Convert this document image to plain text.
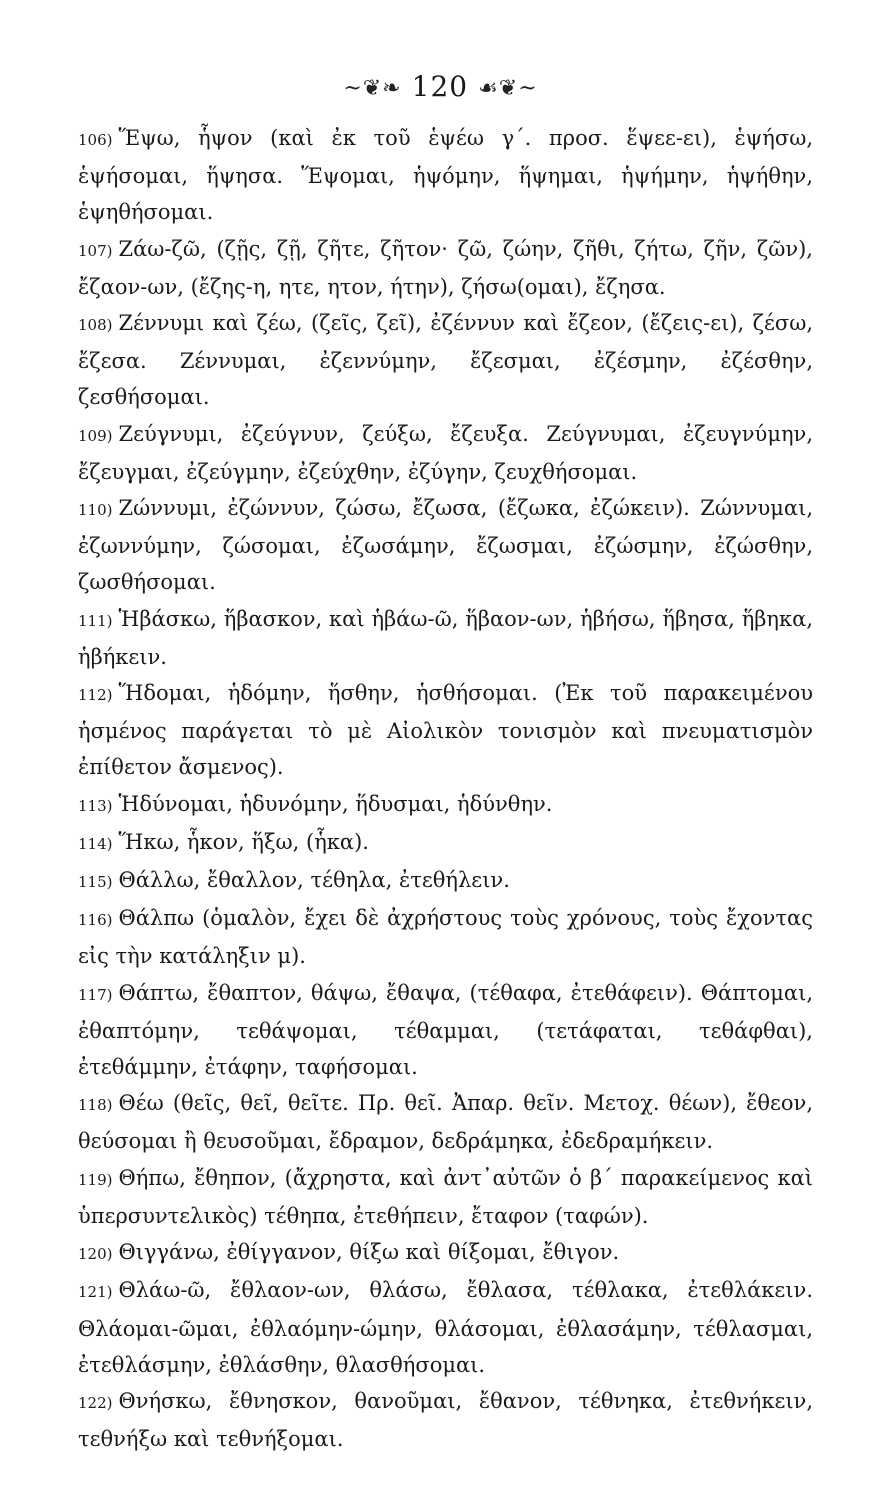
~❦❧ 120 ☙❦~

106) Ἕψω, ἧψον (καὶ ἐκ τοῦ ἑψέω γ΄. προσ. ἕψεε-ει), ἑψήσω, ἑψήσομαι, ἥψησα. Ἕψομαι, ἡψόμην, ἥψημαι, ἡψήμην, ἡψήθην, ἑψηθήσομαι.

107) Ζάω-ζῶ, (ζῇς, ζῇ, ζῆτε, ζῆτον· ζῶ, ζώην, ζῆθι, ζήτω, ζῆν, ζῶν), ἔζαον-ων, (ἔζης-η, ητε, ητον, ήτην), ζήσω(ομαι), ἔζησα.

108) Ζέννυμι καὶ ζέω, (ζεῖς, ζεῖ), ἐζέννυν καὶ ἔζεον, (ἔζεις-ει), ζέσω, ἔζεσα. Ζέννυμαι, ἐζεννύμην, ἔζεσμαι, ἐζέσμην, ἐζέσθην, ζεσθήσομαι.

109) Ζεύγνυμι, ἐζεύγνυν, ζεύξω, ἔζευξα. Ζεύγνυμαι, ἐζευγνύμην, ἔζευγμαι, ἐζεύγμην, ἐζεύχθην, ἐζύγην, ζευχθήσομαι.

110) Ζώννυμι, ἐζώννυν, ζώσω, ἔζωσα, (ἔζωκα, ἐζώκειν). Ζώννυμαι, ἐζωννύμην, ζώσομαι, ἐζωσάμην, ἔζωσμαι, ἐζώσμην, ἐζώσθην, ζωσθήσομαι.

111) Ἡβάσκω, ἥβασκον, καὶ ἡβάω-ῶ, ἥβαον-ων, ἡβήσω, ἥβησα, ἥβηκα, ἡβήκειν.

112) Ἥδομαι, ἡδόμην, ἥσθην, ἡσθήσομαι. (Ἐκ τοῦ παρακειμένου ἡσμένος παράγεται τὸ μὲ Αἰολικὸν τονισμὸν καὶ πνευματισμὸν ἐπίθετον ἄσμενος).

113) Ἡδύνομαι, ἡδυνόμην, ἥδυσμαι, ἡδύνθην.

114) Ἥκω, ἧκον, ἥξω, (ἧκα).

115) Θάλλω, ἔθαλλον, τέθηλα, ἐτεθήλειν.

116) Θάλπω (ὁμαλὸν, ἔχει δὲ ἀχρήστους τοὺς χρόνους, τοὺς ἔχοντας εἰς τὴν κατάληξιν μ).

117) Θάπτω, ἔθαπτον, θάψω, ἔθαψα, (τέθαφα, ἐτεθάφειν). Θάπτομαι, ἐθαπτόμην, τεθάψομαι, τέθαμμαι, (τετάφαται, τεθάφθαι), ἐτεθάμμην, ἐτάφην, ταφήσομαι.

118) Θέω (θεῖς, θεῖ, θεῖτε. Πρ. θεῖ. Ἀπαρ. θεῖν. Μετοχ. θέων), ἔθεον, θεύσομαι ἢ θευσοῦμαι, ἔδραμον, δεδράμηκα, ἐδεδραμήκειν.

119) Θήπω, ἔθηπον, (ἄχρηστα, καὶ ἀντ᾽αὐτῶν ὁ β΄ παρακείμενος καὶ ὑπερσυντελικὸς) τέθηπα, ἐτεθήπειν, ἔταφον (ταφών).

120) Θιγγάνω, ἐθίγγανον, θίξω καὶ θίξομαι, ἔθιγον.

121) Θλάω-ῶ, ἔθλαον-ων, θλάσω, ἔθλασα, τέθλακα, ἐτεθλάκειν. Θλάομαι-ῶμαι, ἐθλαόμην-ώμην, θλάσομαι, ἐθλασάμην, τέθλασμαι, ἐτεθλάσμην, ἐθλάσθην, θλασθήσομαι.

122) Θνήσκω, ἔθνησκον, θανοῦμαι, ἔθανον, τέθνηκα, ἐτεθνήκειν, τεθνήξω καὶ τεθνήξομαι.
